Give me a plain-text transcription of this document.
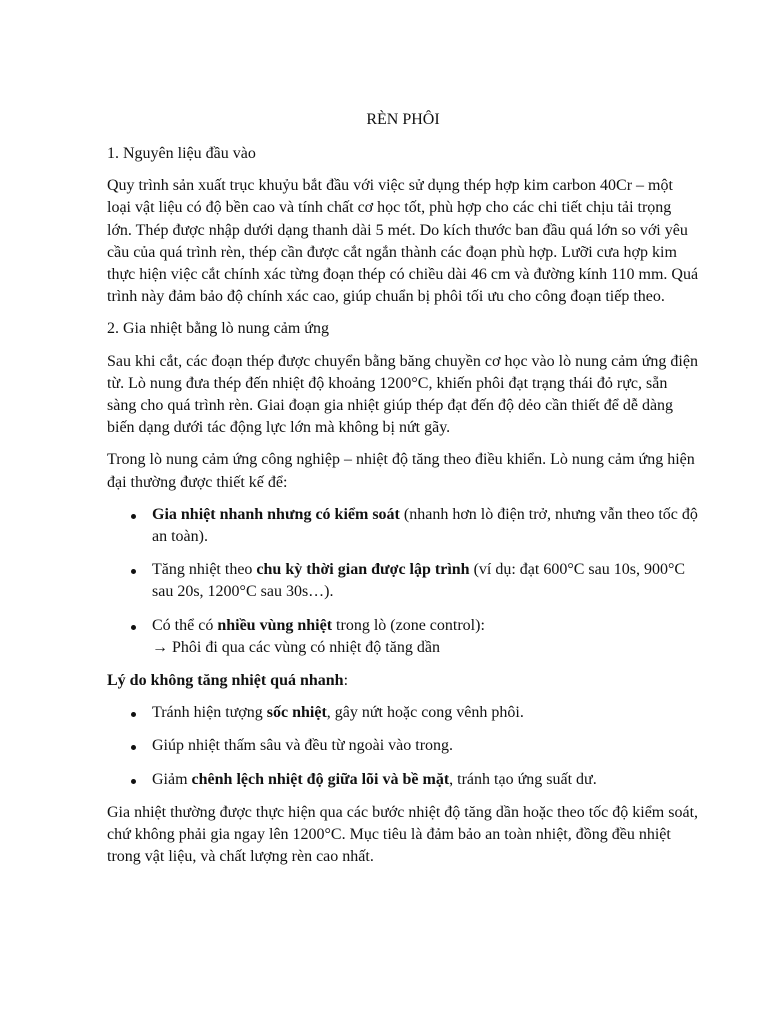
RÈN PHÔI

1. Nguyên liệu đầu vào

Quy trình sản xuất trục khuỷu bắt đầu với việc sử dụng thép hợp kim carbon 40Cr – một loại vật liệu có độ bền cao và tính chất cơ học tốt, phù hợp cho các chi tiết chịu tải trọng lớn. Thép được nhập dưới dạng thanh dài 5 mét. Do kích thước ban đầu quá lớn so với yêu cầu của quá trình rèn, thép cần được cắt ngắn thành các đoạn phù hợp. Lưỡi cưa hợp kim thực hiện việc cắt chính xác từng đoạn thép có chiều dài 46 cm và đường kính 110 mm. Quá trình này đảm bảo độ chính xác cao, giúp chuẩn bị phôi tối ưu cho công đoạn tiếp theo.

2. Gia nhiệt bằng lò nung cảm ứng

Sau khi cắt, các đoạn thép được chuyển bằng băng chuyền cơ học vào lò nung cảm ứng điện từ. Lò nung đưa thép đến nhiệt độ khoảng 1200°C, khiến phôi đạt trạng thái đỏ rực, sẵn sàng cho quá trình rèn. Giai đoạn gia nhiệt giúp thép đạt đến độ dẻo cần thiết để dễ dàng biến dạng dưới tác động lực lớn mà không bị nứt gãy.

Trong lò nung cảm ứng công nghiệp – nhiệt độ tăng theo điều khiển. Lò nung cảm ứng hiện đại thường được thiết kế để:

Gia nhiệt nhanh nhưng có kiểm soát (nhanh hơn lò điện trở, nhưng vẫn theo tốc độ an toàn).
Tăng nhiệt theo chu kỳ thời gian được lập trình (ví dụ: đạt 600°C sau 10s, 900°C sau 20s, 1200°C sau 30s…).
Có thể có nhiều vùng nhiệt trong lò (zone control):
→ Phôi đi qua các vùng có nhiệt độ tăng dần

Lý do không tăng nhiệt quá nhanh:

Tránh hiện tượng sốc nhiệt, gây nứt hoặc cong vênh phôi.
Giúp nhiệt thấm sâu và đều từ ngoài vào trong.
Giảm chênh lệch nhiệt độ giữa lõi và bề mặt, tránh tạo ứng suất dư.

Gia nhiệt thường được thực hiện qua các bước nhiệt độ tăng dần hoặc theo tốc độ kiểm soát, chứ không phải gia ngay lên 1200°C. Mục tiêu là đảm bảo an toàn nhiệt, đồng đều nhiệt trong vật liệu, và chất lượng rèn cao nhất.
